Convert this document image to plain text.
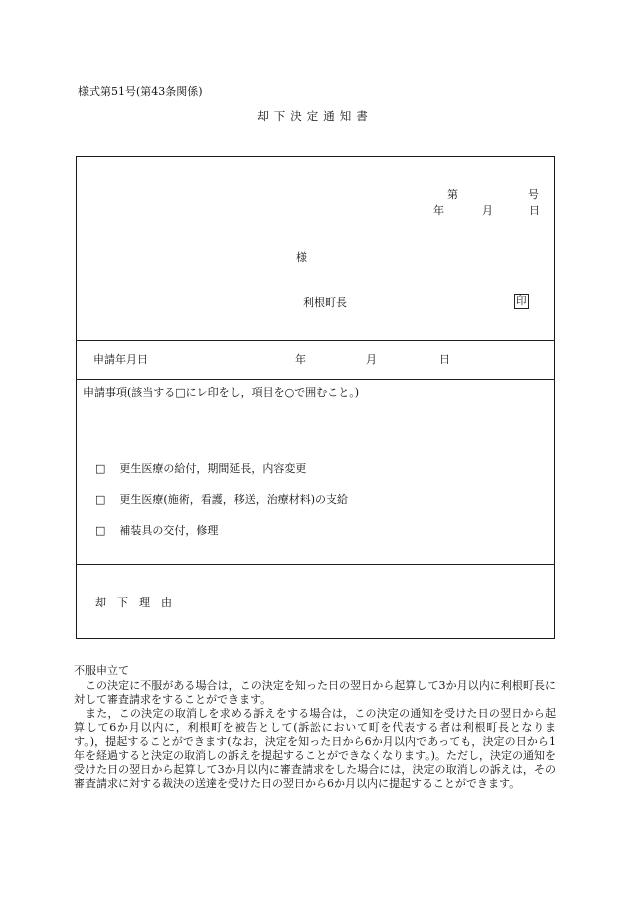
様式第51号(第43条関係)
却下決定通知書
第	号
年	月	日
様
利根町長	印
申請年月日	年	月	日
申請事項(該当する□にレ印をし，項目を○で囲むこと。)
□ 更生医療の給付，期間延長，内容変更
□ 更生医療(施術，看護，移送，治療材料)の支給
□ 補装具の交付，修理
却　下　理　由
不服申立て

この決定に不服がある場合は，この決定を知った日の翌日から起算して3か月以内に利根町長に対して審査請求をすることができます。

また，この決定の取消しを求める訴えをする場合は，この決定の通知を受けた日の翌日から起算して6か月以内に，利根町を被告として(訴訟において町を代表する者は利根町長となります。)，提起することができます(なお，決定を知った日から6か月以内であっても，決定の日から1年を経過すると決定の取消しの訴えを提起することができなくなります。)。ただし，決定の通知を受けた日の翌日から起算して3か月以内に審査請求をした場合には，決定の取消しの訴えは，その審査請求に対する裁決の送達を受けた日の翌日から6か月以内に提起することができます。
